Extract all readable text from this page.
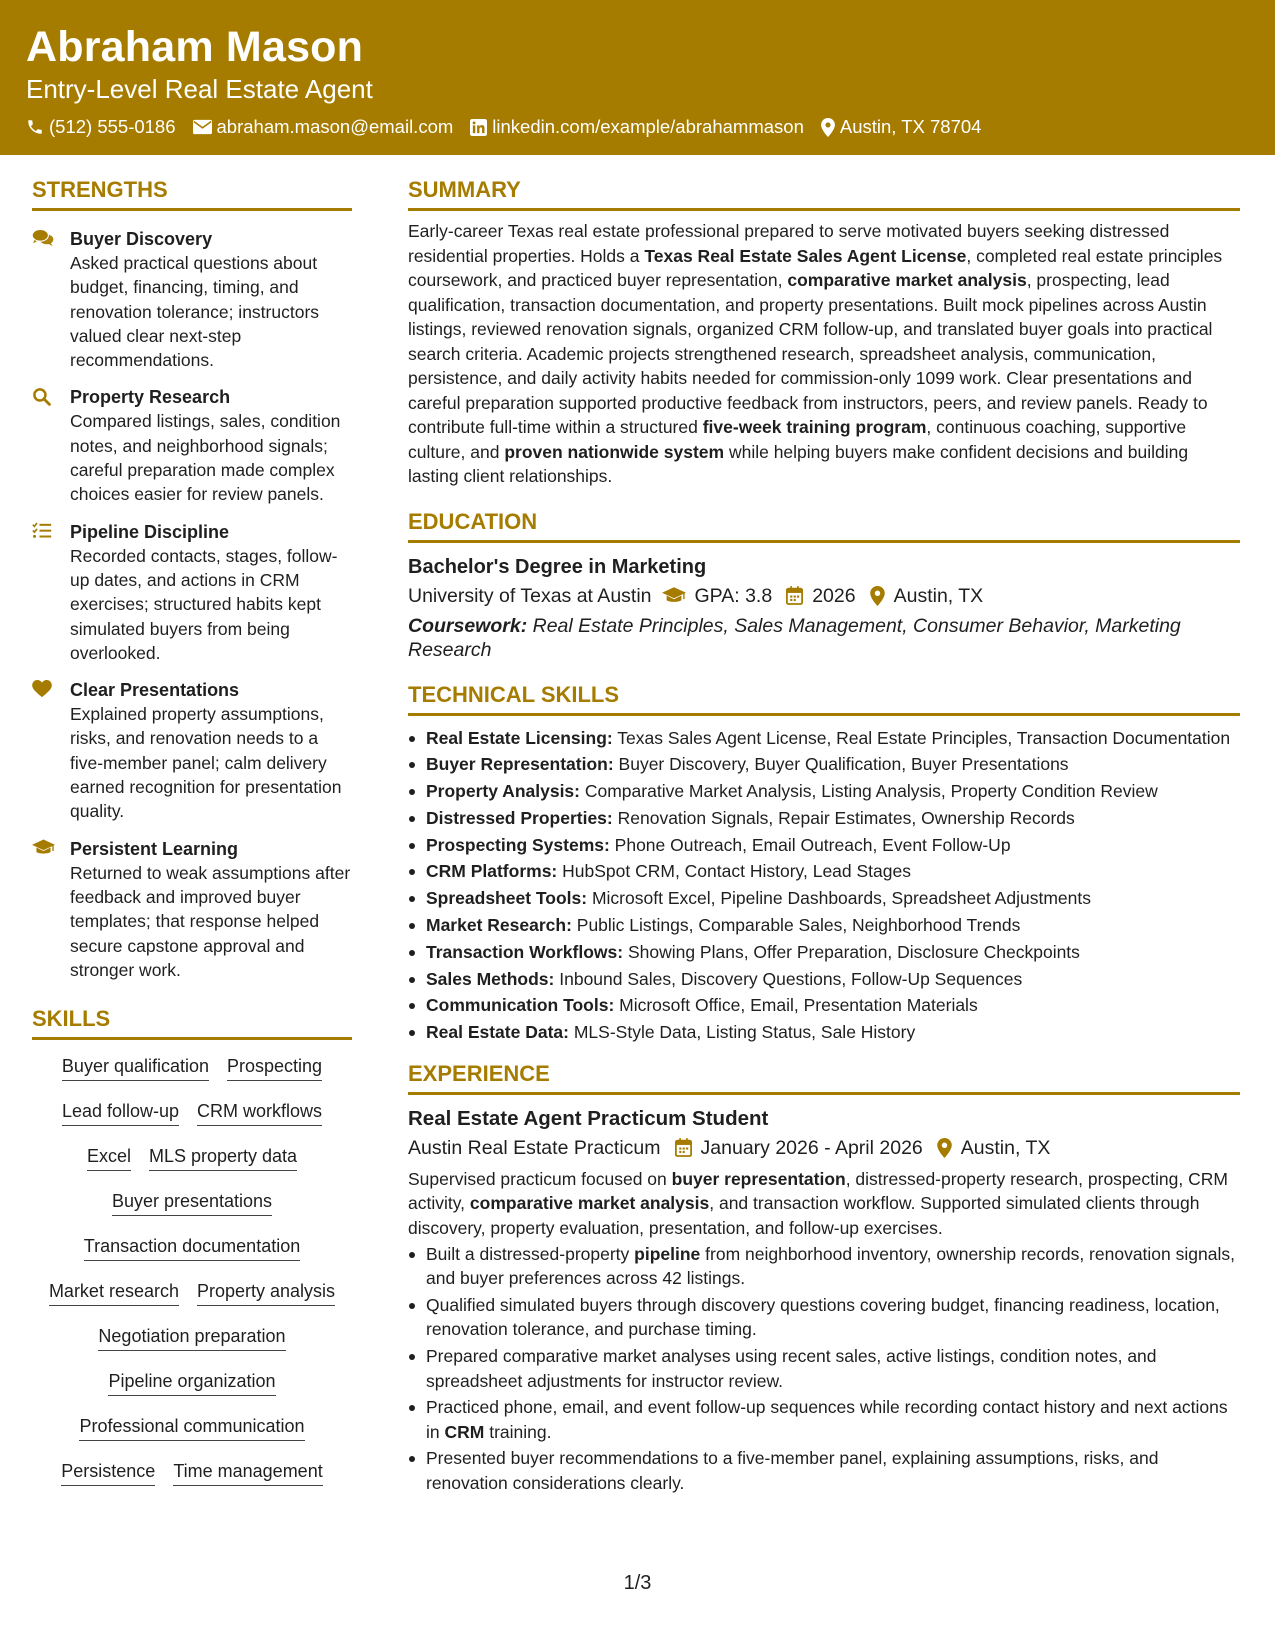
Abraham Mason
Entry-Level Real Estate Agent
(512) 555-0186 abraham.mason@email.com linkedin.com/example/abrahammason Austin, TX 78704
STRENGTHS
Buyer Discovery
Asked practical questions about budget, financing, timing, and renovation tolerance; instructors valued clear next-step recommendations.
Property Research
Compared listings, sales, condition notes, and neighborhood signals; careful preparation made complex choices easier for review panels.
Pipeline Discipline
Recorded contacts, stages, follow-up dates, and actions in CRM exercises; structured habits kept simulated buyers from being overlooked.
Clear Presentations
Explained property assumptions, risks, and renovation needs to a five-member panel; calm delivery earned recognition for presentation quality.
Persistent Learning
Returned to weak assumptions after feedback and improved buyer templates; that response helped secure capstone approval and stronger work.
SKILLS
Buyer qualification Prospecting
Lead follow-up CRM workflows
Excel MLS property data
Buyer presentations
Transaction documentation
Market research Property analysis
Negotiation preparation
Pipeline organization
Professional communication
Persistence Time management
SUMMARY
Early-career Texas real estate professional prepared to serve motivated buyers seeking distressed residential properties. Holds a Texas Real Estate Sales Agent License, completed real estate principles coursework, and practiced buyer representation, comparative market analysis, prospecting, lead qualification, transaction documentation, and property presentations. Built mock pipelines across Austin listings, reviewed renovation signals, organized CRM follow-up, and translated buyer goals into practical search criteria. Academic projects strengthened research, spreadsheet analysis, communication, persistence, and daily activity habits needed for commission-only 1099 work. Clear presentations and careful preparation supported productive feedback from instructors, peers, and review panels. Ready to contribute full-time within a structured five-week training program, continuous coaching, supportive culture, and proven nationwide system while helping buyers make confident decisions and building lasting client relationships.
EDUCATION
Bachelor's Degree in Marketing
University of Texas at Austin GPA: 3.8 2026 Austin, TX
Coursework: Real Estate Principles, Sales Management, Consumer Behavior, Marketing Research
TECHNICAL SKILLS
Real Estate Licensing: Texas Sales Agent License, Real Estate Principles, Transaction Documentation
Buyer Representation: Buyer Discovery, Buyer Qualification, Buyer Presentations
Property Analysis: Comparative Market Analysis, Listing Analysis, Property Condition Review
Distressed Properties: Renovation Signals, Repair Estimates, Ownership Records
Prospecting Systems: Phone Outreach, Email Outreach, Event Follow-Up
CRM Platforms: HubSpot CRM, Contact History, Lead Stages
Spreadsheet Tools: Microsoft Excel, Pipeline Dashboards, Spreadsheet Adjustments
Market Research: Public Listings, Comparable Sales, Neighborhood Trends
Transaction Workflows: Showing Plans, Offer Preparation, Disclosure Checkpoints
Sales Methods: Inbound Sales, Discovery Questions, Follow-Up Sequences
Communication Tools: Microsoft Office, Email, Presentation Materials
Real Estate Data: MLS-Style Data, Listing Status, Sale History
EXPERIENCE
Real Estate Agent Practicum Student
Austin Real Estate Practicum January 2026 - April 2026 Austin, TX
Supervised practicum focused on buyer representation, distressed-property research, prospecting, CRM activity, comparative market analysis, and transaction workflow. Supported simulated clients through discovery, property evaluation, presentation, and follow-up exercises.
Built a distressed-property pipeline from neighborhood inventory, ownership records, renovation signals, and buyer preferences across 42 listings.
Qualified simulated buyers through discovery questions covering budget, financing readiness, location, renovation tolerance, and purchase timing.
Prepared comparative market analyses using recent sales, active listings, condition notes, and spreadsheet adjustments for instructor review.
Practiced phone, email, and event follow-up sequences while recording contact history and next actions in CRM training.
Presented buyer recommendations to a five-member panel, explaining assumptions, risks, and renovation considerations clearly.
1/3
